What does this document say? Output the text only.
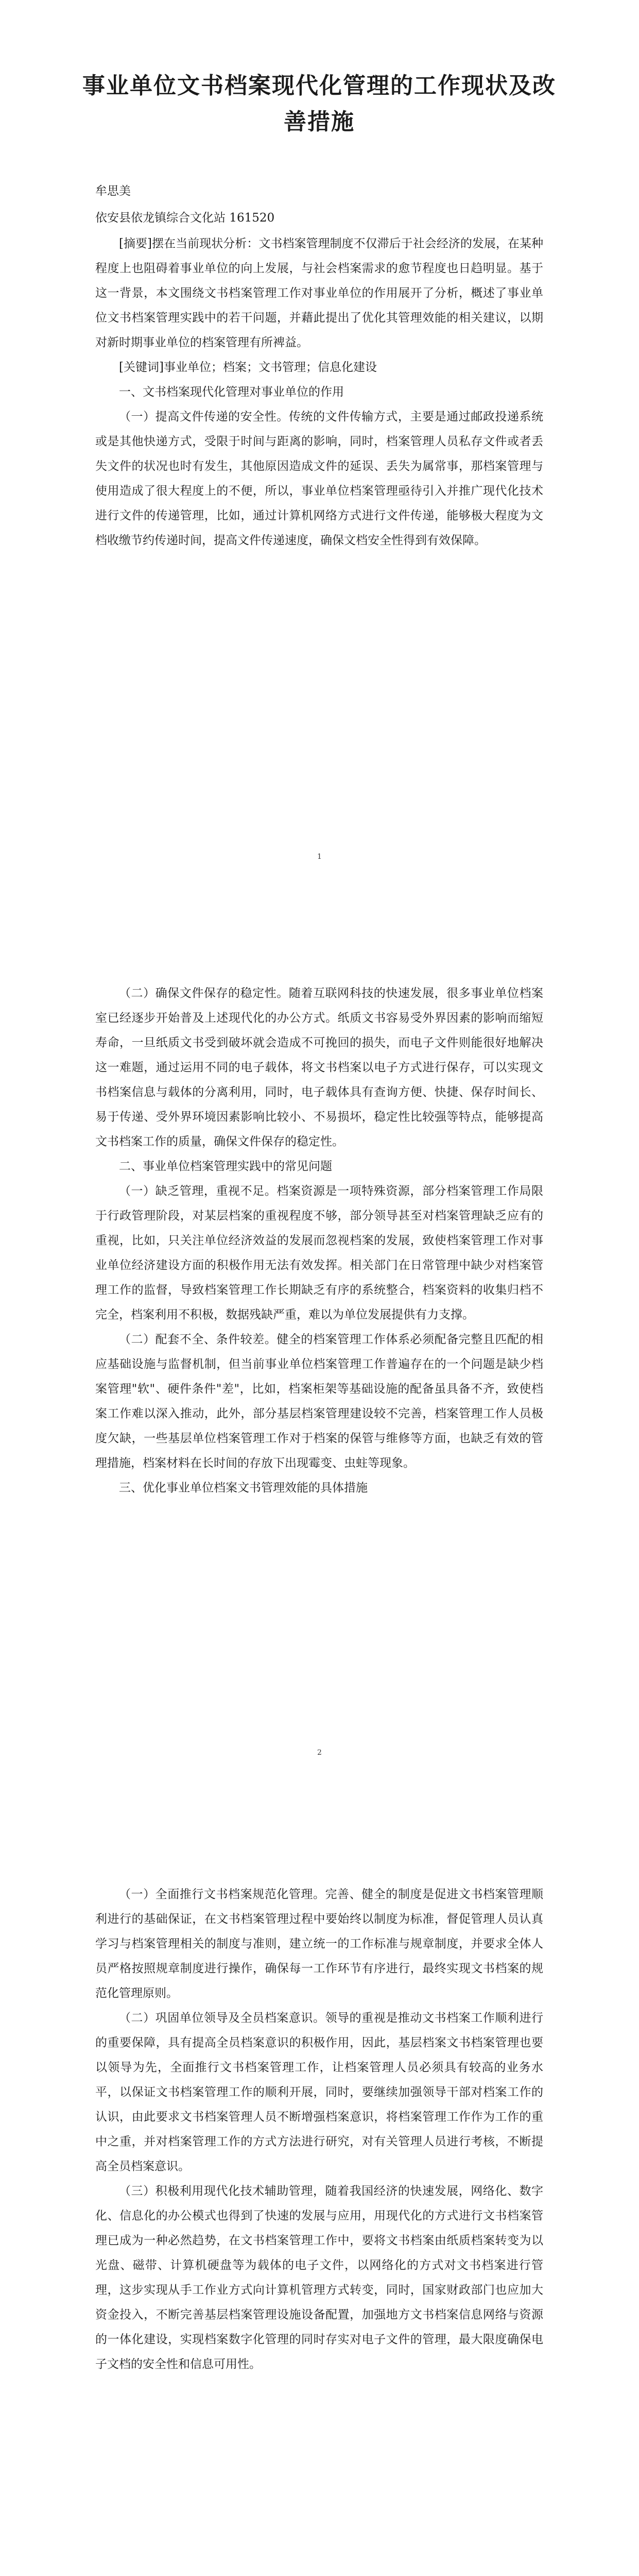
事业单位文书档案现代化管理的工作现状及改善措施

牟思美

依安县依龙镇综合文化站 161520

[摘要]摆在当前现状分析：文书档案管理制度不仅滞后于社会经济的发展，在某种程度上也阻碍着事业单位的向上发展，与社会档案需求的愈节程度也日趋明显。基于这一背景，本文围绕文书档案管理工作对事业单位的作用展开了分析，概述了事业单位文书档案管理实践中的若干问题，并藉此提出了优化其管理效能的相关建议，以期对新时期事业单位的档案管理有所裨益。

[关键词]事业单位；档案；文书管理；信息化建设

一、文书档案现代化管理对事业单位的作用

（一）提高文件传递的安全性。传统的文件传输方式，主要是通过邮政投递系统或是其他快递方式，受限于时间与距离的影响，同时，档案管理人员私存文件或者丢失文件的状况也时有发生，其他原因造成文件的延误、丢失为属常事，那档案管理与使用造成了很大程度上的不便，所以，事业单位档案管理亟待引入并推广现代化技术进行文件的传递管理，比如，通过计算机网络方式进行文件传递，能够极大程度为文档收缴节约传递时间，提高文件传递速度，确保文档安全性得到有效保障。

1

（二）确保文件保存的稳定性。随着互联网科技的快速发展，很多事业单位档案室已经逐步开始普及上述现代化的办公方式。纸质文书容易受外界因素的影响而缩短寿命，一旦纸质文书受到破坏就会造成不可挽回的损失，而电子文件则能很好地解决这一难题，通过运用不同的电子载体，将文书档案以电子方式进行保存，可以实现文书档案信息与载体的分离利用，同时，电子载体具有查询方便、快捷、保存时间长、易于传递、受外界环境因素影响比较小、不易损坏，稳定性比较强等特点，能够提高文书档案工作的质量，确保文件保存的稳定性。

二、事业单位档案管理实践中的常见问题

（一）缺乏管理，重视不足。档案资源是一项特殊资源，部分档案管理工作局限于行政管理阶段，对某层档案的重视程度不够，部分领导甚至对档案管理缺乏应有的重视，比如，只关注单位经济效益的发展而忽视档案的发展，致使档案管理工作对事业单位经济建设方面的积极作用无法有效发挥。相关部门在日常管理中缺少对档案管理工作的监督，导致档案管理工作长期缺乏有序的系统整合，档案资料的收集归档不完全，档案利用不积极，数据残缺严重，难以为单位发展提供有力支撑。

（二）配套不全、条件较差。健全的档案管理工作体系必须配备完整且匹配的相应基础设施与监督机制，但当前事业单位档案管理工作普遍存在的一个问题是缺少档案管理"软"、硬件条件"差"，比如，档案柜架等基础设施的配备虽具备不齐，致使档案工作难以深入推动，此外，部分基层档案管理建设较不完善，档案管理工作人员极度欠缺，一些基层单位档案管理工作对于档案的保管与维修等方面，也缺乏有效的管理措施，档案材料在长时间的存放下出现霉变、虫蛀等现象。

三、优化事业单位档案文书管理效能的具体措施

2

（一）全面推行文书档案规范化管理。完善、健全的制度是促进文书档案管理顺利进行的基础保证，在文书档案管理过程中要始终以制度为标准，督促管理人员认真学习与档案管理相关的制度与准则，建立统一的工作标准与规章制度，并要求全体人员严格按照规章制度进行操作，确保每一工作环节有序进行，最终实现文书档案的规范化管理原则。

（二）巩固单位领导及全员档案意识。领导的重视是推动文书档案工作顺利进行的重要保障，具有提高全员档案意识的积极作用，因此，基层档案文书档案管理也要以领导为先，全面推行文书档案管理工作，让档案管理人员必须具有较高的业务水平，以保证文书档案管理工作的顺利开展，同时，要继续加强领导干部对档案工作的认识，由此要求文书档案管理人员不断增强档案意识，将档案管理工作作为工作的重中之重，并对档案管理工作的方式方法进行研究，对有关管理人员进行考核，不断提高全员档案意识。

（三）积极利用现代化技术辅助管理，随着我国经济的快速发展，网络化、数字化、信息化的办公模式也得到了快速的发展与应用，用现代化的方式进行文书档案管理已成为一种必然趋势，在文书档案管理工作中，要将文书档案由纸质档案转变为以光盘、磁带、计算机硬盘等为载体的电子文件，以网络化的方式对文书档案进行管理，这步实现从手工作业方式向计算机管理方式转变，同时，国家财政部门也应加大资金投入，不断完善基层档案管理设施设备配置，加强地方文书档案信息网络与资源的一体化建设，实现档案数字化管理的同时存实对电子文件的管理，最大限度确保电子文档的安全性和信息可用性。
